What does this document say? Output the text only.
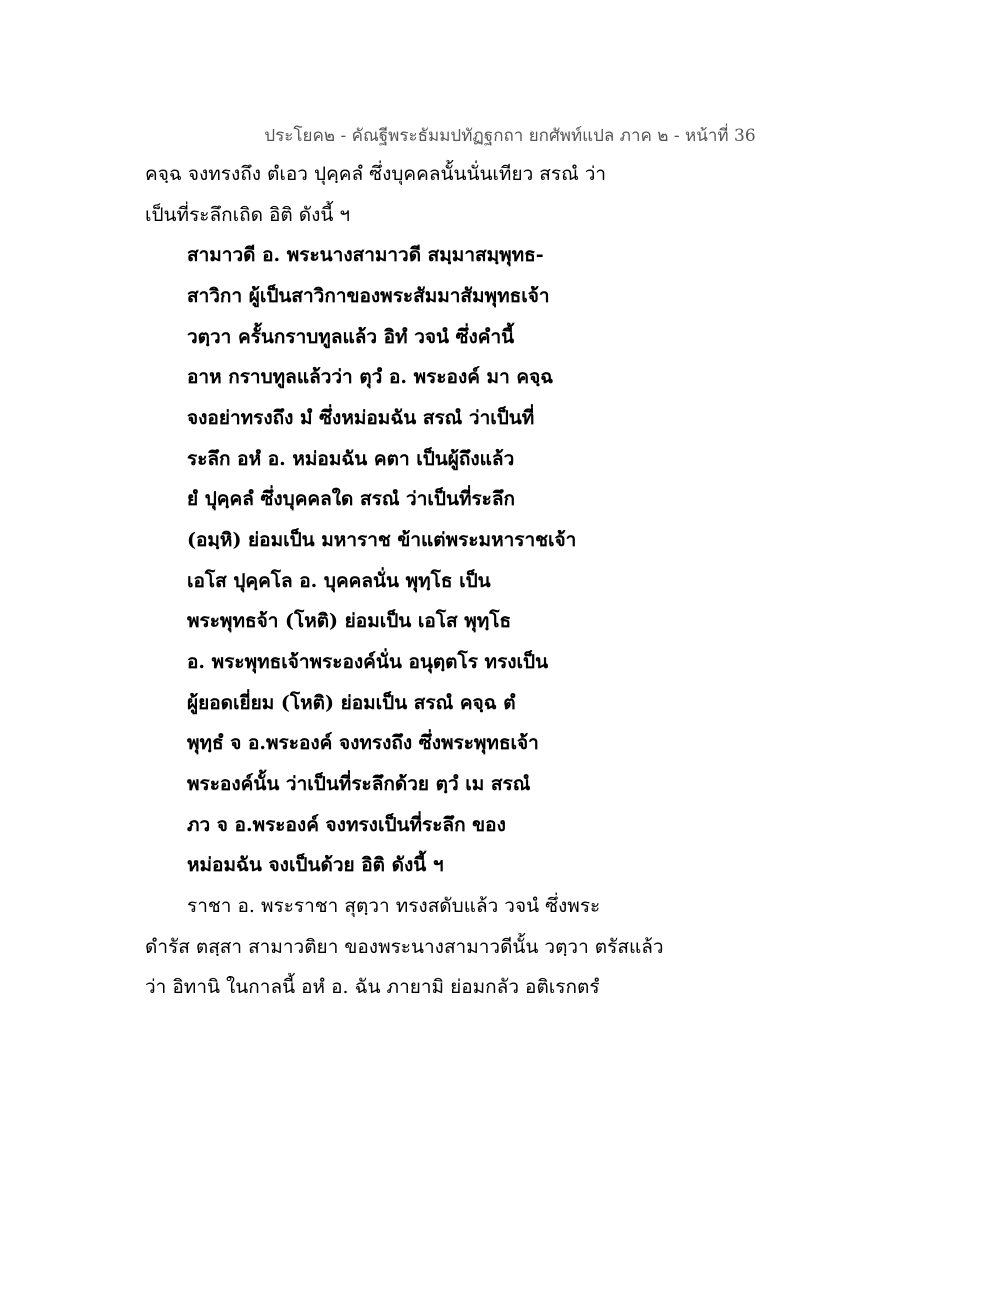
ประโยค๒ - คัณฐีพระธัมมปทัฏฐกถา ยกศัพท์แปล ภาค ๒ - หน้าที่ 36
คจฺฉ จงทรงถึง ตํเอว ปุคฺคลํ ซึ่งบุคคลนั้นนั่นเทียว สรณํ ว่า
เป็นที่ระลึกเถิด อิติ ดังนี้ ฯ
สามาวดี อ. พระนางสามาวดี สมฺมาสมฺพุทธ-
สาวิกา ผู้เป็นสาวิกาของพระสัมมาสัมพุทธเจ้า
วตฺวา ครั้นกราบทูลแล้ว อิทํ วจนํ ซึ่งคำนี้
อาห กราบทูลแล้วว่า ตุวํ อ. พระองค์ มา คจฺฉ
จงอย่าทรงถึง มํ ซึ่งหม่อมฉัน สรณํ ว่าเป็นที่
ระลึก อหํ อ. หม่อมฉัน คตา เป็นผู้ถึงแล้ว
ยํ ปุคฺคลํ ซึ่งบุคคลใด สรณํ ว่าเป็นที่ระลึก
(อมฺหิ) ย่อมเป็น มหาราช ข้าแต่พระมหาราชเจ้า
เอโส ปุคฺคโล อ. บุคคลนั่น พุทฺโธ เป็น
พระพุทธจ้า (โหติ) ย่อมเป็น เอโส พุทฺโธ
อ. พระพุทธเจ้าพระองค์นั่น อนุตฺตโร ทรงเป็น
ผู้ยอดเยี่ยม (โหติ) ย่อมเป็น สรณํ คจฺฉ ตํ
พุทฺธํ จ อ.พระองค์ จงทรงถึง ซึ่งพระพุทธเจ้า
พระองค์นั้น ว่าเป็นที่ระลึกด้วย ตฺวํ เม สรณํ
ภว จ อ.พระองค์ จงทรงเป็นที่ระลึก ของ
หม่อมฉัน จงเป็นด้วย อิติ ดังนี้ ฯ
ราชา อ. พระราชา สุตฺวา ทรงสดับแล้ว วจนํ ซึ่งพระ
ดำรัส ตสฺสา สามาวติยา ของพระนางสามาวดีนั้น วตฺวา ตรัสแล้ว
ว่า อิทานิ ในกาลนี้ อหํ อ. ฉัน ภายามิ ย่อมกลัว อติเรกตรํ
